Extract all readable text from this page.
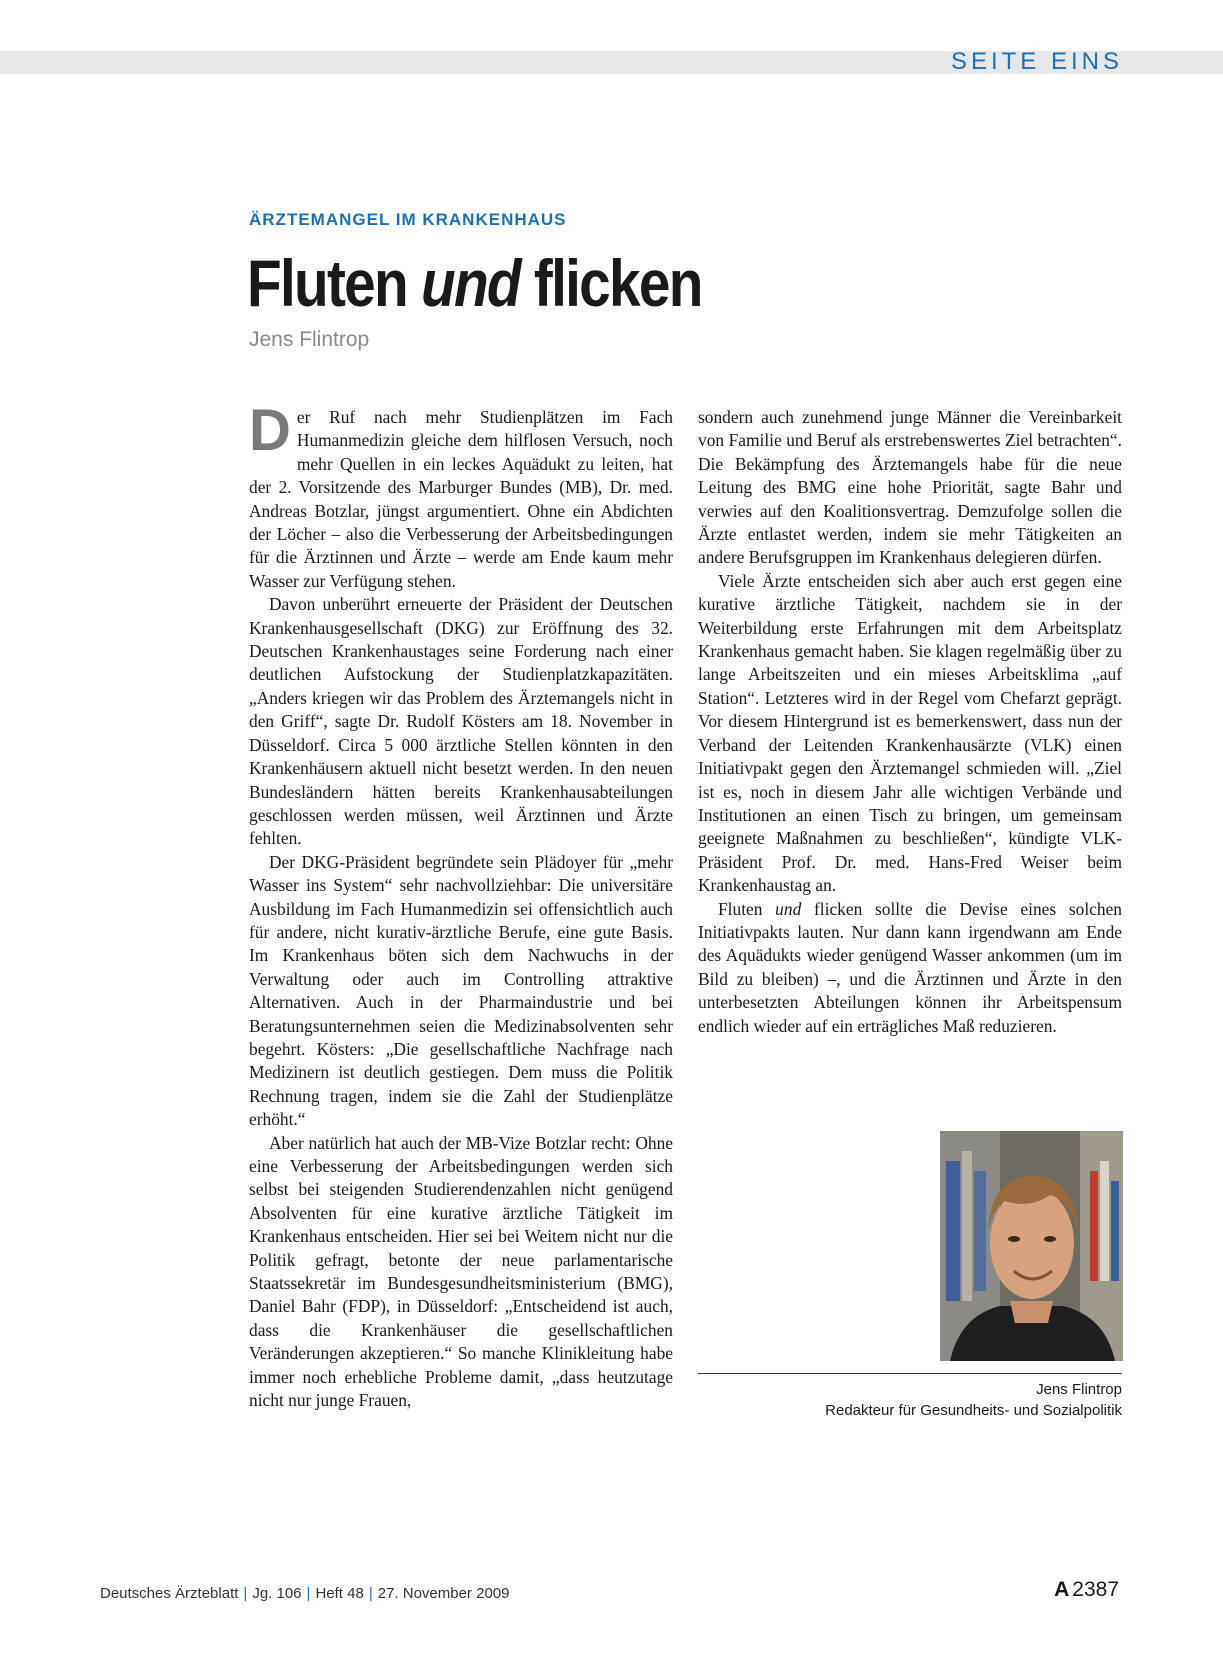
SEITE EINS
ÄRZTEMANGEL IM KRANKENHAUS
Fluten und flicken
Jens Flintrop

Der Ruf nach mehr Studienplätzen im Fach Humanmedizin gleiche dem hilflosen Versuch, noch mehr Quellen in ein leckes Aquädukt zu leiten, hat der 2. Vorsitzende des Marburger Bundes (MB), Dr. med. Andreas Botzlar, jüngst argumentiert. Ohne ein Abdichten der Löcher – also die Verbesserung der Arbeitsbedingungen für die Ärztinnen und Ärzte – werde am Ende kaum mehr Wasser zur Verfügung stehen.

Davon unberührt erneuerte der Präsident der Deutschen Krankenhausgesellschaft (DKG) zur Eröffnung des 32. Deutschen Krankenhaustages seine Forderung nach einer deutlichen Aufstockung der Studienplatzkapazitäten. „Anders kriegen wir das Problem des Ärztemangels nicht in den Griff“, sagte Dr. Rudolf Kösters am 18. November in Düsseldorf. Circa 5 000 ärztliche Stellen könnten in den Krankenhäusern aktuell nicht besetzt werden. In den neuen Bundesländern hätten bereits Krankenhausabteilungen geschlossen werden müssen, weil Ärztinnen und Ärzte fehlten.

Der DKG-Präsident begründete sein Plädoyer für „mehr Wasser ins System“ sehr nachvollziehbar: Die universitäre Ausbildung im Fach Humanmedizin sei offensichtlich auch für andere, nicht kurativ-ärztliche Berufe, eine gute Basis. Im Krankenhaus böten sich dem Nachwuchs in der Verwaltung oder auch im Controlling attraktive Alternativen. Auch in der Pharmaindustrie und bei Beratungsunternehmen seien die Medizinabsolventen sehr begehrt. Kösters: „Die gesellschaftliche Nachfrage nach Medizinern ist deutlich gestiegen. Dem muss die Politik Rechnung tragen, indem sie die Zahl der Studienplätze erhöht.“

Aber natürlich hat auch der MB-Vize Botzlar recht: Ohne eine Verbesserung der Arbeitsbedingungen werden sich selbst bei steigenden Studierendenzahlen nicht genügend Absolventen für eine kurative ärztliche Tätigkeit im Krankenhaus entscheiden. Hier sei bei Weitem nicht nur die Politik gefragt, betonte der neue parlamentarische Staatssekretär im Bundesgesundheitsministerium (BMG), Daniel Bahr (FDP), in Düsseldorf: „Entscheidend ist auch, dass die Krankenhäuser die gesellschaftlichen Veränderungen akzeptieren.“ So manche Klinikleitung habe immer noch erhebliche Probleme damit, „dass heutzutage nicht nur junge Frauen,

sondern auch zunehmend junge Männer die Vereinbarkeit von Familie und Beruf als erstrebenswertes Ziel betrachten“. Die Bekämpfung des Ärztemangels habe für die neue Leitung des BMG eine hohe Priorität, sagte Bahr und verwies auf den Koalitionsvertrag. Demzufolge sollen die Ärzte entlastet werden, indem sie mehr Tätigkeiten an andere Berufsgruppen im Krankenhaus delegieren dürfen.

Viele Ärzte entscheiden sich aber auch erst gegen eine kurative ärztliche Tätigkeit, nachdem sie in der Weiterbildung erste Erfahrungen mit dem Arbeitsplatz Krankenhaus gemacht haben. Sie klagen regelmäßig über zu lange Arbeitszeiten und ein mieses Arbeitsklima „auf Station“. Letzteres wird in der Regel vom Chefarzt geprägt. Vor diesem Hintergrund ist es bemerkenswert, dass nun der Verband der Leitenden Krankenhausärzte (VLK) einen Initiativpakt gegen den Ärztemangel schmieden will. „Ziel ist es, noch in diesem Jahr alle wichtigen Verbände und Institutionen an einen Tisch zu bringen, um gemeinsam geeignete Maßnahmen zu beschließen“, kündigte VLK-Präsident Prof. Dr. med. Hans-Fred Weiser beim Krankenhaustag an.

Fluten und flicken sollte die Devise eines solchen Initiativpakts lauten. Nur dann kann irgendwann am Ende des Aquädukts wieder genügend Wasser ankommen (um im Bild zu bleiben) –, und die Ärztinnen und Ärzte in den unterbesetzten Abteilungen können ihr Arbeitspensum endlich wieder auf ein erträgliches Maß reduzieren.

Jens Flintrop
Redakteur für Gesundheits- und Sozialpolitik
Deutsches Ärzteblatt | Jg. 106 | Heft 48 | 27. November 2009	A 2387
